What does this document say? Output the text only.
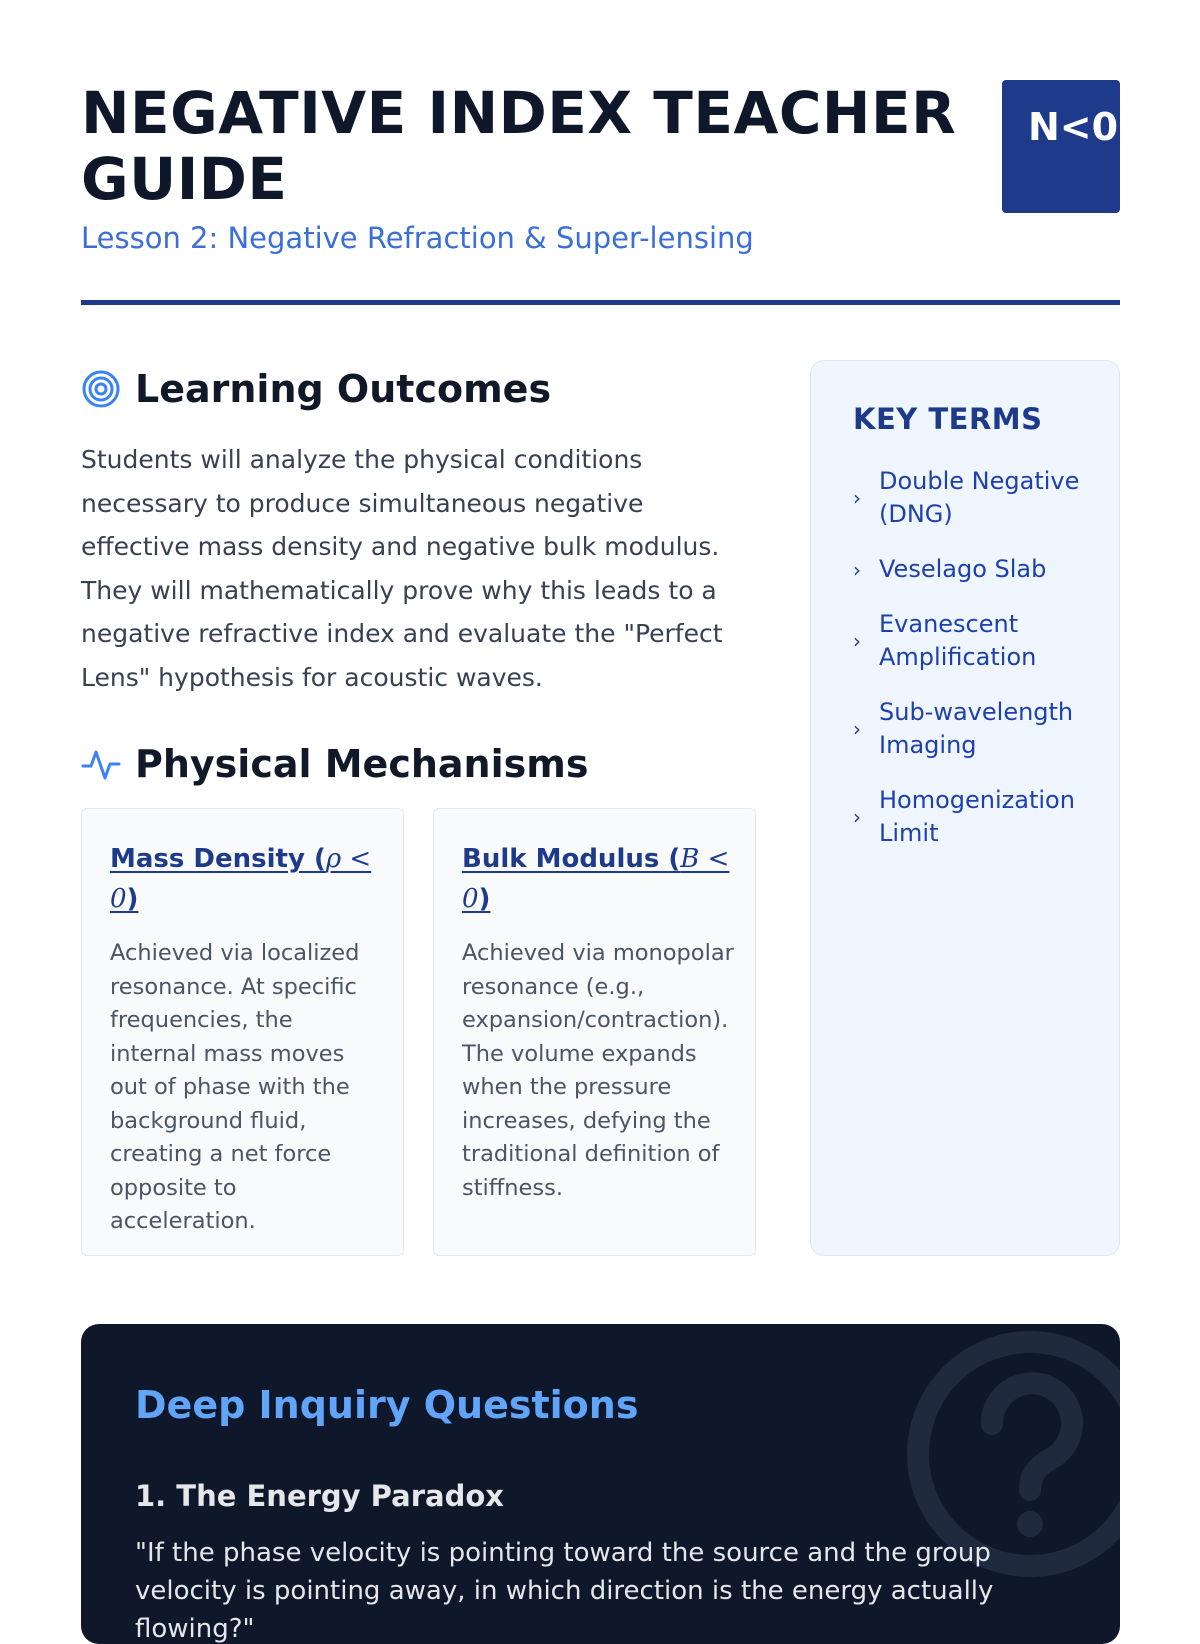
NEGATIVE INDEX TEACHER GUIDE

Lesson 2: Negative Refraction & Super-lensing

N<0
Learning Outcomes

Students will analyze the physical conditions necessary to produce simultaneous negative effective mass density and negative bulk modulus. They will mathematically prove why this leads to a negative refractive index and evaluate the "Perfect Lens" hypothesis for acoustic waves.

Physical Mechanisms
Mass Density (ρ < 0)

Achieved via localized resonance. At specific frequencies, the internal mass moves out of phase with the background fluid, creating a net force opposite to acceleration.

Bulk Modulus (B < 0)

Achieved via monopolar resonance (e.g., expansion/contraction). The volume expands when the pressure increases, defying the traditional definition of stiffness.

KEY TERMS
›
Double Negative (DNG)
› Veselago Slab
›
Evanescent Amplification
›
Sub-wavelength Imaging
›
Homogenization Limit
Deep Inquiry Questions
1. The Energy Paradox

"If the phase velocity is pointing toward the source and the group velocity is pointing away, in which direction is the energy actually flowing?"
